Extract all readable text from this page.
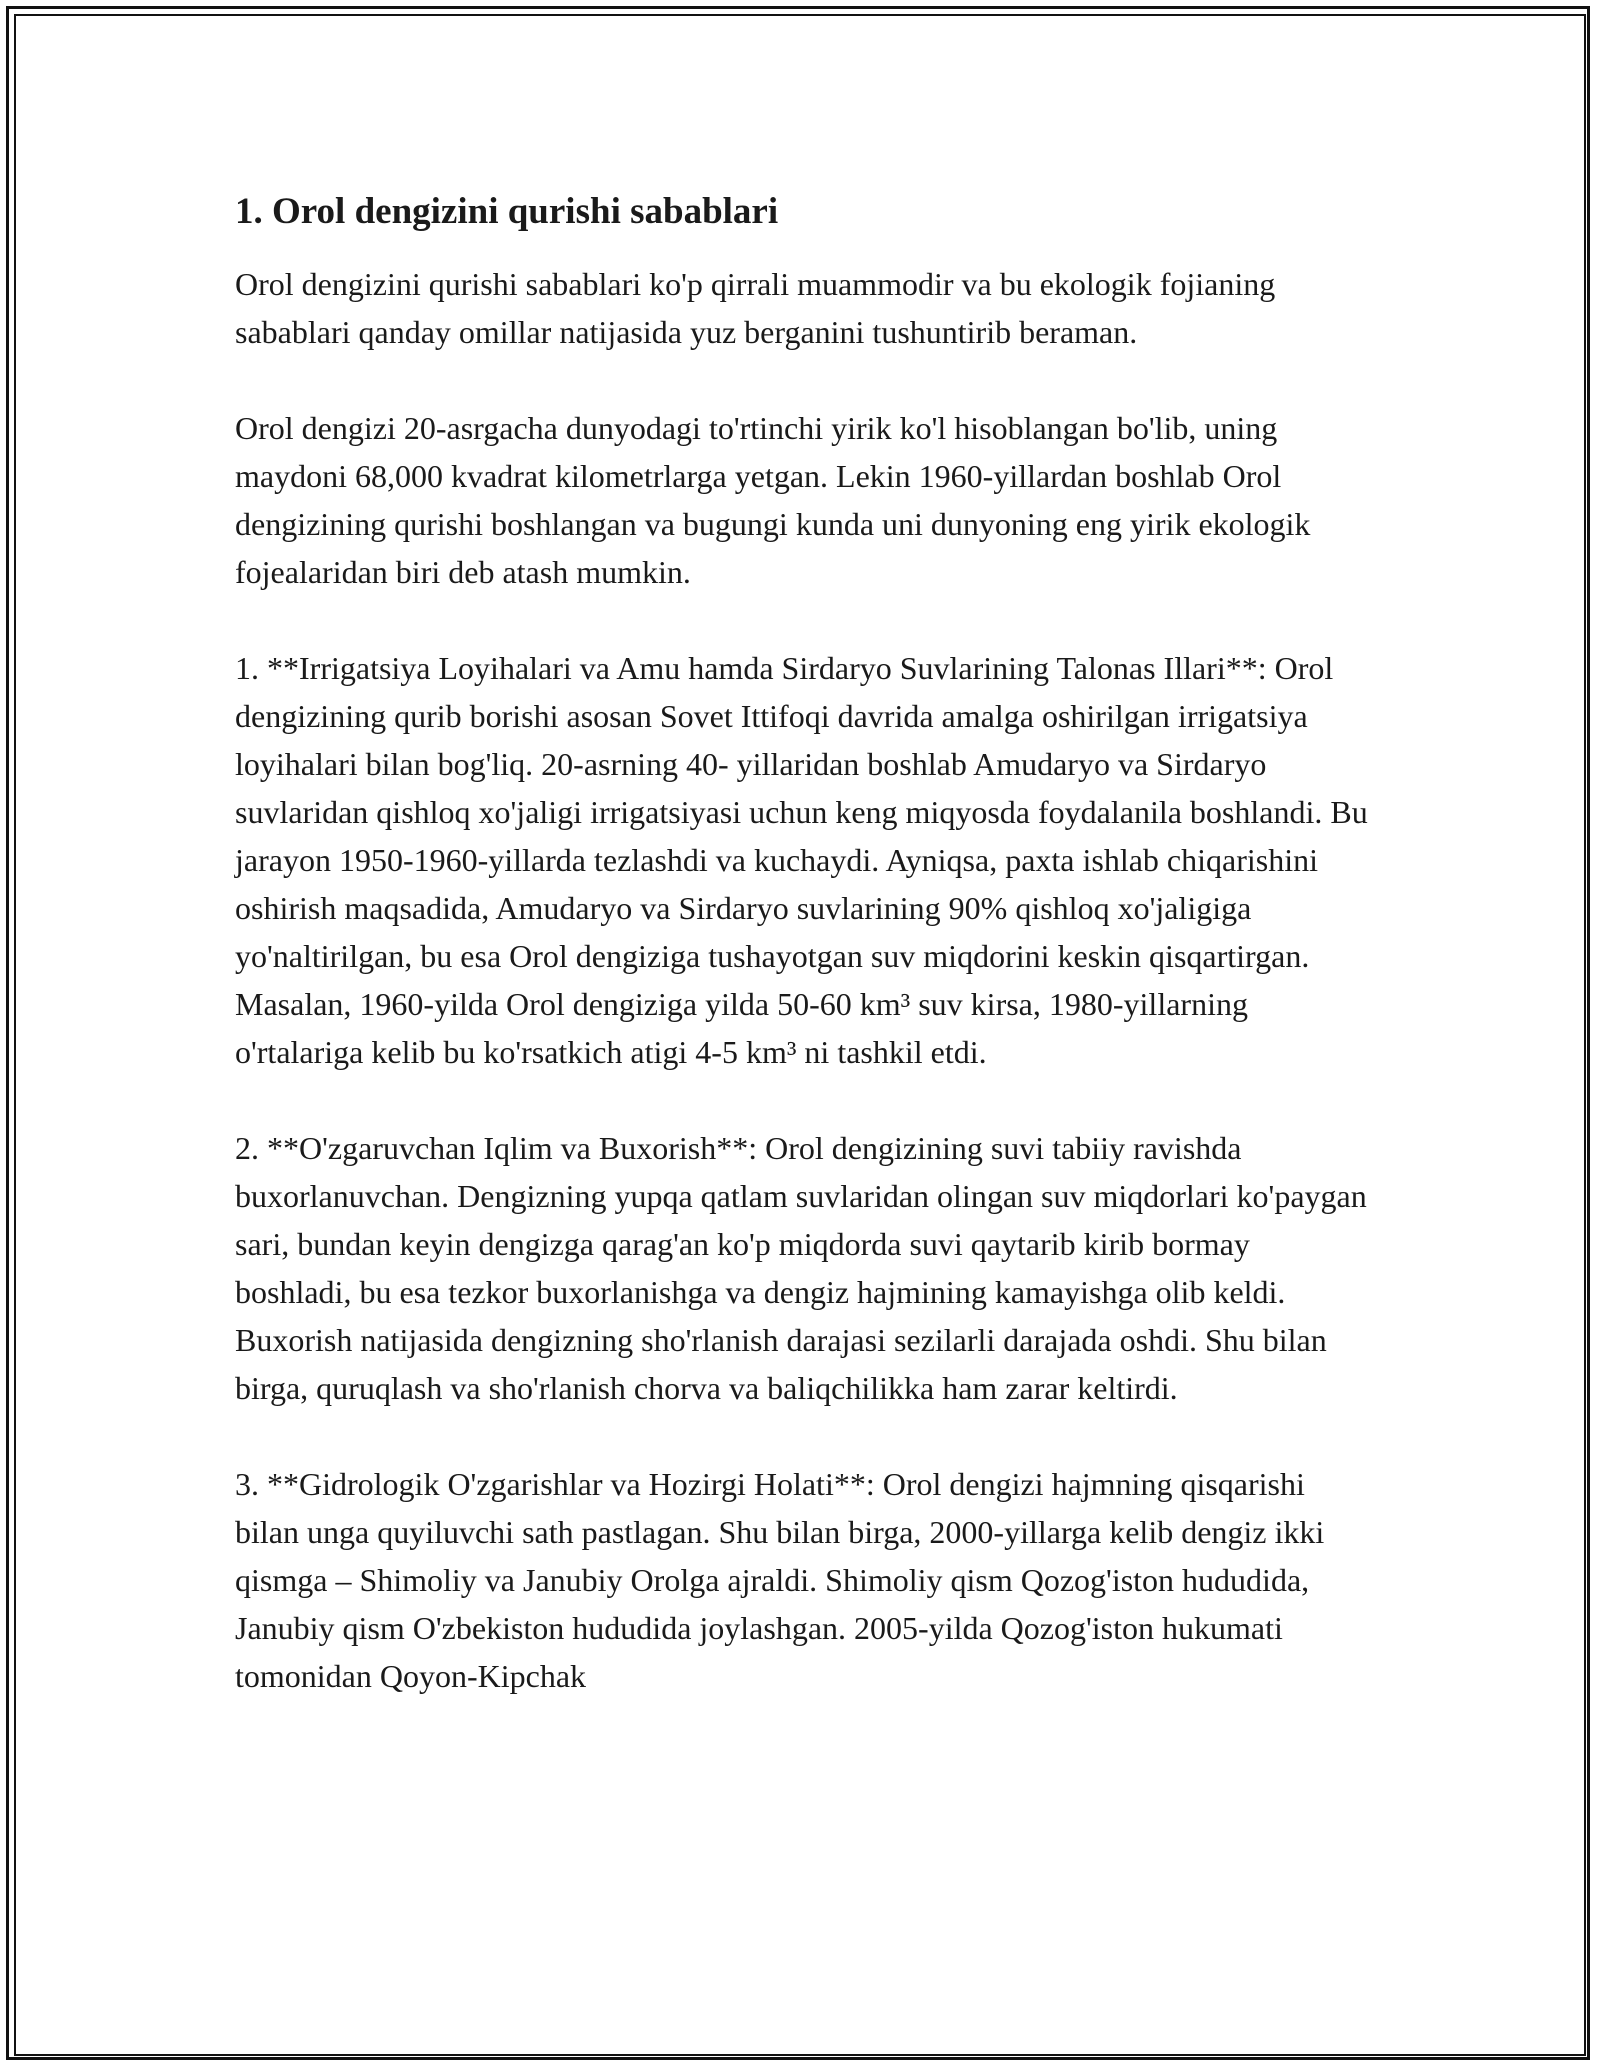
1. Orol dengizini qurishi sabablari

Orol dengizini qurishi sabablari ko'p qirrali muammodir va bu ekologik fojianing sabablari qanday omillar natijasida yuz berganini tushuntirib beraman.

Orol dengizi 20-asrgacha dunyodagi to'rtinchi yirik ko'l hisoblangan bo'lib, uning maydoni 68,000 kvadrat kilometrlarga yetgan. Lekin 1960-yillardan boshlab Orol dengizining qurishi boshlangan va bugungi kunda uni dunyoning eng yirik ekologik fojealaridan biri deb atash mumkin.

1. **Irrigatsiya Loyihalari va Amu hamda Sirdaryo Suvlarining Talonas Illari**: Orol dengizining qurib borishi asosan Sovet Ittifoqi davrida amalga oshirilgan irrigatsiya loyihalari bilan bog'liq. 20-asrning 40- yillaridan boshlab Amudaryo va Sirdaryo suvlaridan qishloq xo'jaligi irrigatsiyasi uchun keng miqyosda foydalanila boshlandi. Bu jarayon 1950-1960-yillarda tezlashdi va kuchaydi. Ayniqsa, paxta ishlab chiqarishini oshirish maqsadida, Amudaryo va Sirdaryo suvlarining 90% qishloq xo'jaligiga yo'naltirilgan, bu esa Orol dengiziga tushayotgan suv miqdorini keskin qisqartirgan. Masalan, 1960-yilda Orol dengiziga yilda 50-60 km³ suv kirsa, 1980-yillarning o'rtalariga kelib bu ko'rsatkich atigi 4-5 km³ ni tashkil etdi.

2. **O'zgaruvchan Iqlim va Buxorish**: Orol dengizining suvi tabiiy ravishda buxorlanuvchan. Dengizning yupqa qatlam suvlaridan olingan suv miqdorlari ko'paygan sari, bundan keyin dengizga qarag'an ko'p miqdorda suvi qaytarib kirib bormay boshladi, bu esa tezkor buxorlanishga va dengiz hajmining kamayishga olib keldi. Buxorish natijasida dengizning sho'rlanish darajasi sezilarli darajada oshdi. Shu bilan birga, quruqlash va sho'rlanish chorva va baliqchilikka ham zarar keltirdi.

3. **Gidrologik O'zgarishlar va Hozirgi Holati**: Orol dengizi hajmning qisqarishi bilan unga quyiluvchi sath pastlagan. Shu bilan birga, 2000-yillarga kelib dengiz ikki qismga – Shimoliy va Janubiy Orolga ajraldi. Shimoliy qism Qozog'iston hududida, Janubiy qism O'zbekiston hududida joylashgan. 2005-yilda Qozog'iston hukumati tomonidan Qoyon-Kipchak
